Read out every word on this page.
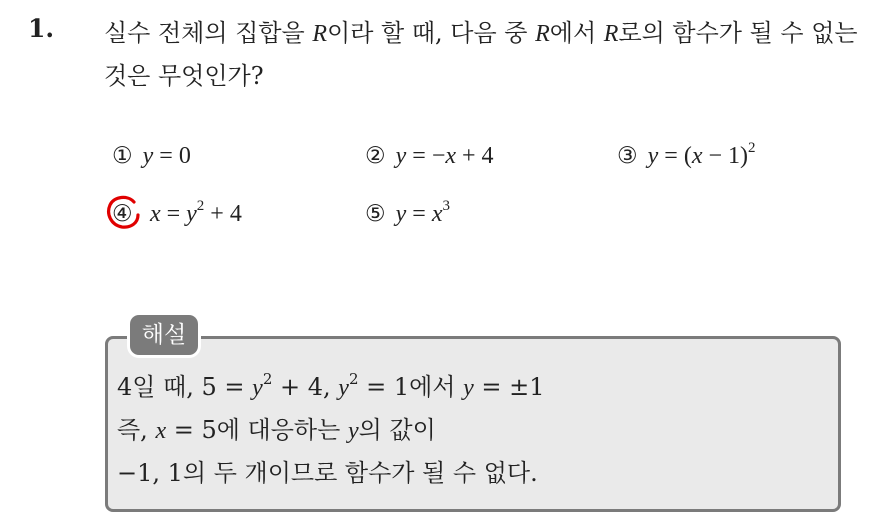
1. 실수 전체의 집합을 R이라 할 때, 다음 중 R에서 R로의 함수가 될 수 없는 것은 무엇인가?
① y = 0	② y = −x + 4	③ $y = (x - 1)^2$
④ $x = y^2 + 4$	⑤ $y = x^3$
해설
4일 때, $5 = y^2 + 4$, $y^2 = 1$에서 y = ±1
즉, x = 5에 대응하는 y의 값이
−1, 1의 두 개이므로 함수가 될 수 없다.
